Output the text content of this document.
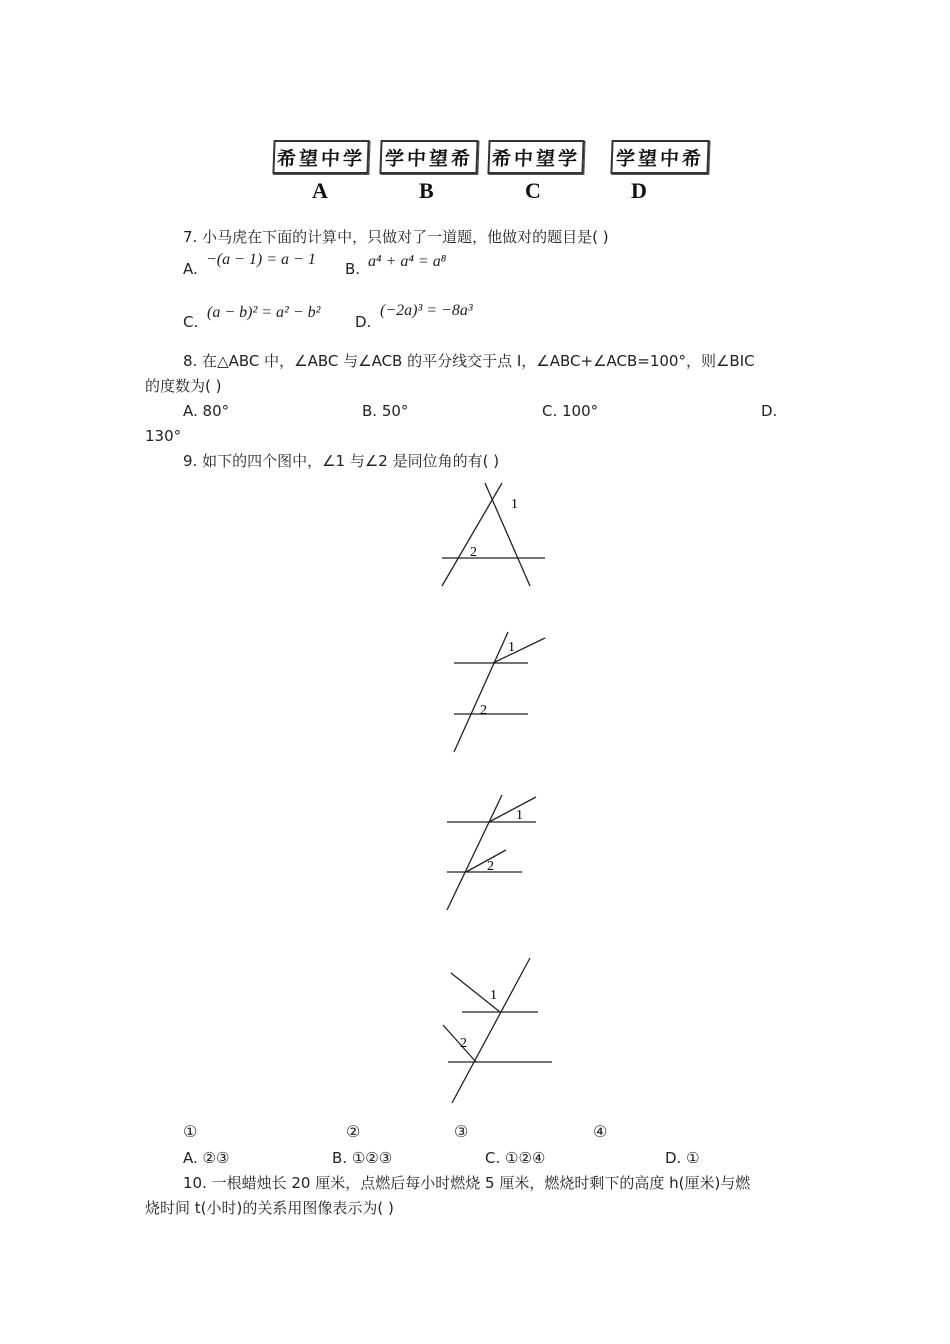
希望中学 学中望希 希中望学 学望中希
A	B	C	D
7. 小马虎在下面的计算中，只做对了一道题，他做对的题目是( )
A.
−(a − 1) = a − 1
B. a⁴ + a⁴ = a⁸
C.
(a − b)² = a² − b²
D.
(−2a)³ = −8a³
8. 在△ABC 中，∠ABC 与∠ACB 的平分线交于点 I，∠ABC+∠ACB=100°，则∠BIC
的度数为( )
A. 80°	B. 50°	C. 100°	D.
130°
9. 如下的四个图中，∠1 与∠2 是同位角的有( )
1
2
1
2
1
2
1
2
①	②	③	④
A. ②③	B. ①②③	C. ①②④	D. ①
10. 一根蜡烛长 20 厘米，点燃后每小时燃烧 5 厘米，燃烧时剩下的高度 h(厘米)与燃
烧时间 t(小时)的关系用图像表示为( )
